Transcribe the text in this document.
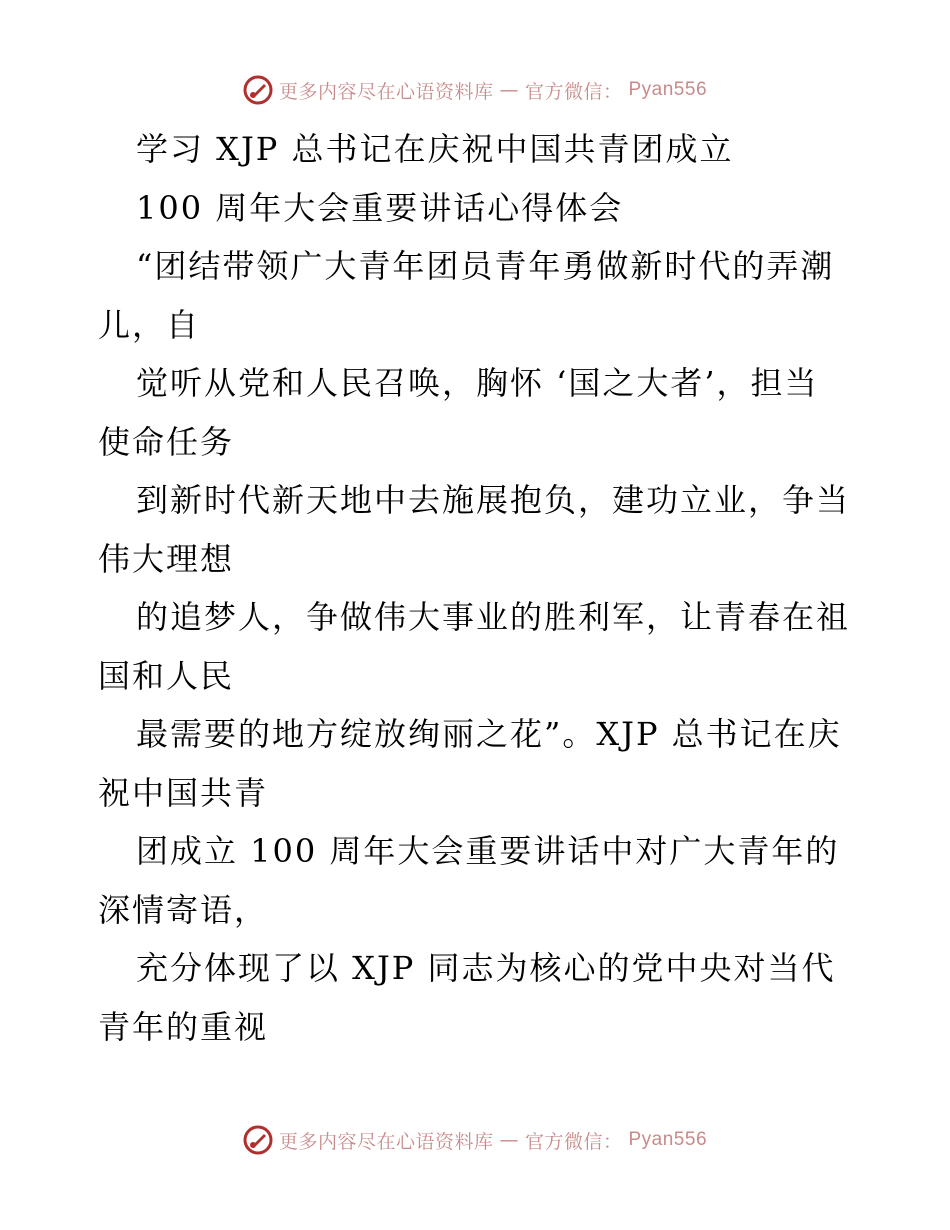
更多内容尽在心语资料库 — 官方微信： Pyan556
学习 XJP 总书记在庆祝中国共青团成立
100 周年大会重要讲话心得体会
“团结带领广大青年团员青年勇做新时代的弄潮
儿，自
觉听从党和人民召唤，胸怀 ‘国之大者’，担当
使命任务
到新时代新天地中去施展抱负，建功立业，争当
伟大理想
的追梦人，争做伟大事业的胜利军，让青春在祖
国和人民
最需要的地方绽放绚丽之花”。XJP 总书记在庆
祝中国共青
团成立 100 周年大会重要讲话中对广大青年的
深情寄语，
充分体现了以 XJP 同志为核心的党中央对当代
青年的重视
更多内容尽在心语资料库 — 官方微信： Pyan556
